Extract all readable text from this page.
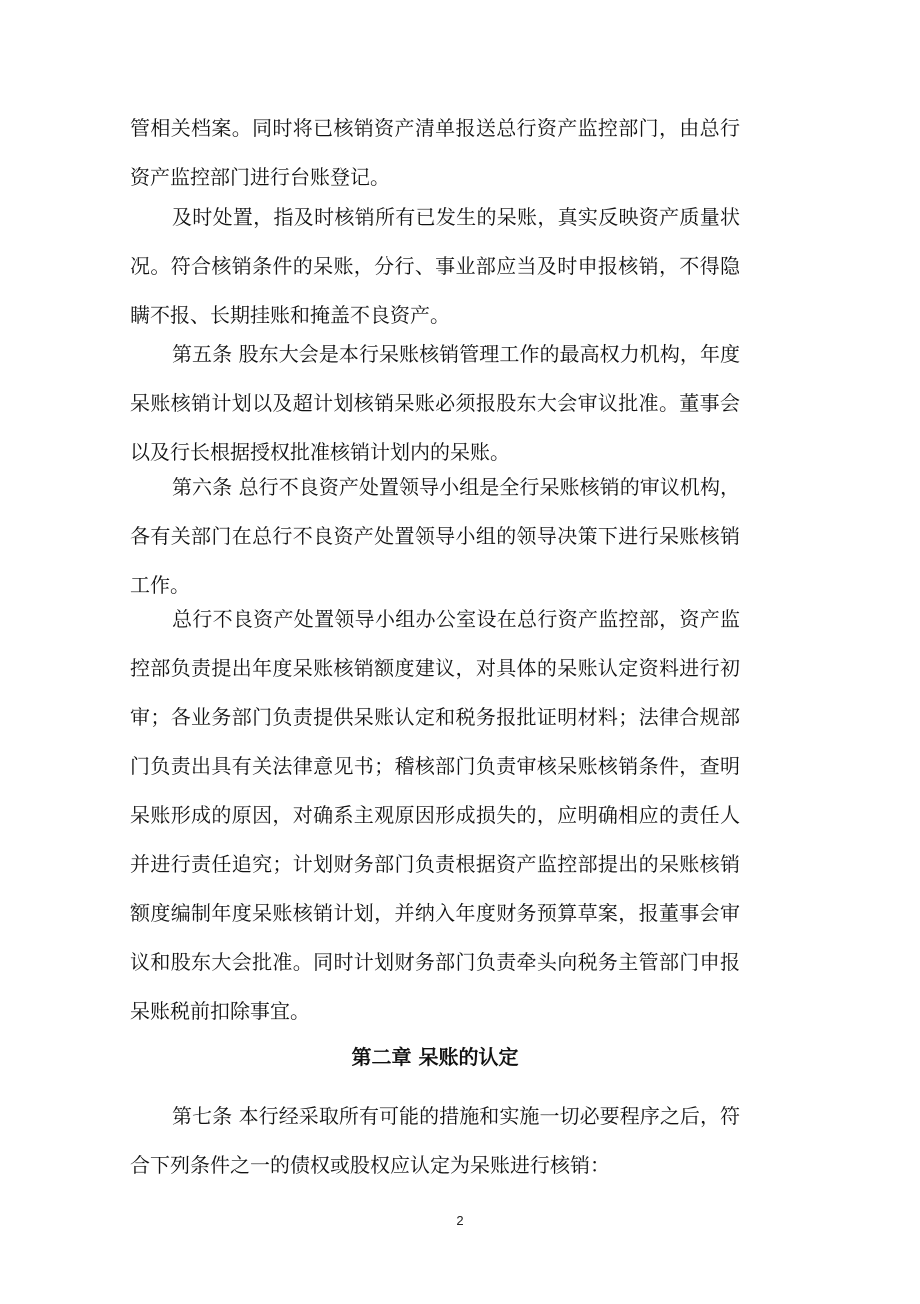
管相关档案。同时将已核销资产清单报送总行资产监控部门，由总行资产监控部门进行台账登记。

及时处置，指及时核销所有已发生的呆账，真实反映资产质量状况。符合核销条件的呆账，分行、事业部应当及时申报核销，不得隐瞒不报、长期挂账和掩盖不良资产。

第五条 股东大会是本行呆账核销管理工作的最高权力机构，年度呆账核销计划以及超计划核销呆账必须报股东大会审议批准。董事会以及行长根据授权批准核销计划内的呆账。

第六条 总行不良资产处置领导小组是全行呆账核销的审议机构，各有关部门在总行不良资产处置领导小组的领导决策下进行呆账核销工作。

总行不良资产处置领导小组办公室设在总行资产监控部，资产监控部负责提出年度呆账核销额度建议，对具体的呆账认定资料进行初审；各业务部门负责提供呆账认定和税务报批证明材料；法律合规部门负责出具有关法律意见书；稽核部门负责审核呆账核销条件，查明呆账形成的原因，对确系主观原因形成损失的，应明确相应的责任人并进行责任追究；计划财务部门负责根据资产监控部提出的呆账核销额度编制年度呆账核销计划，并纳入年度财务预算草案，报董事会审议和股东大会批准。同时计划财务部门负责牵头向税务主管部门申报呆账税前扣除事宜。

第二章 呆账的认定

第七条 本行经采取所有可能的措施和实施一切必要程序之后，符合下列条件之一的债权或股权应认定为呆账进行核销：

2
